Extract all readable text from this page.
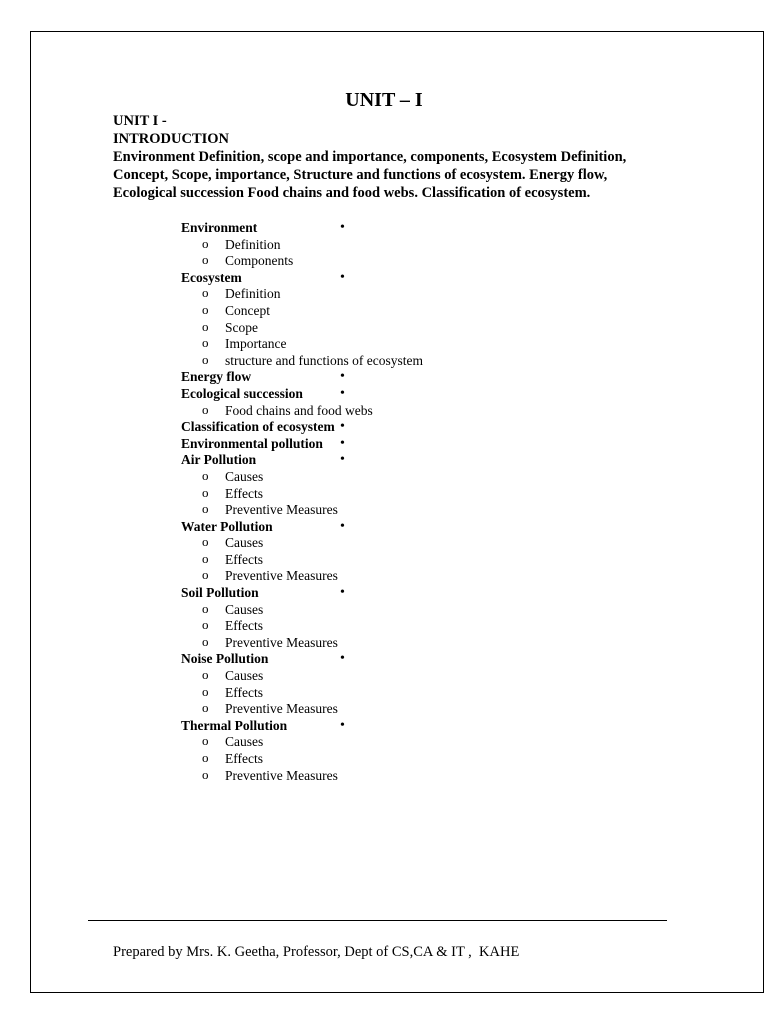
UNIT – I
UNIT I -
INTRODUCTION
Environment Definition, scope and importance, components, Ecosystem Definition,
Concept, Scope, importance, Structure and functions of ecosystem. Energy flow,
Ecological succession Food chains and food webs. Classification of ecosystem.
•
Environment
o Definition
o Components
•
Ecosystem
o Definition
o Concept
o Scope
o Importance
o structure and functions of ecosystem
•
Energy flow
•
Ecological succession
o Food chains and food webs
•
Classification of ecosystem
•
Environmental pollution
•
Air Pollution
o Causes
o Effects
o Preventive Measures
•
Water Pollution
o Causes
o Effects
o Preventive Measures
•
Soil Pollution
o Causes
o Effects
o Preventive Measures
•
Noise Pollution
o Causes
o Effects
o Preventive Measures
•
Thermal Pollution
o Causes
o Effects
o Preventive Measures
Prepared by Mrs. K. Geetha, Professor, Dept of CS,CA & IT ,  KAHE
